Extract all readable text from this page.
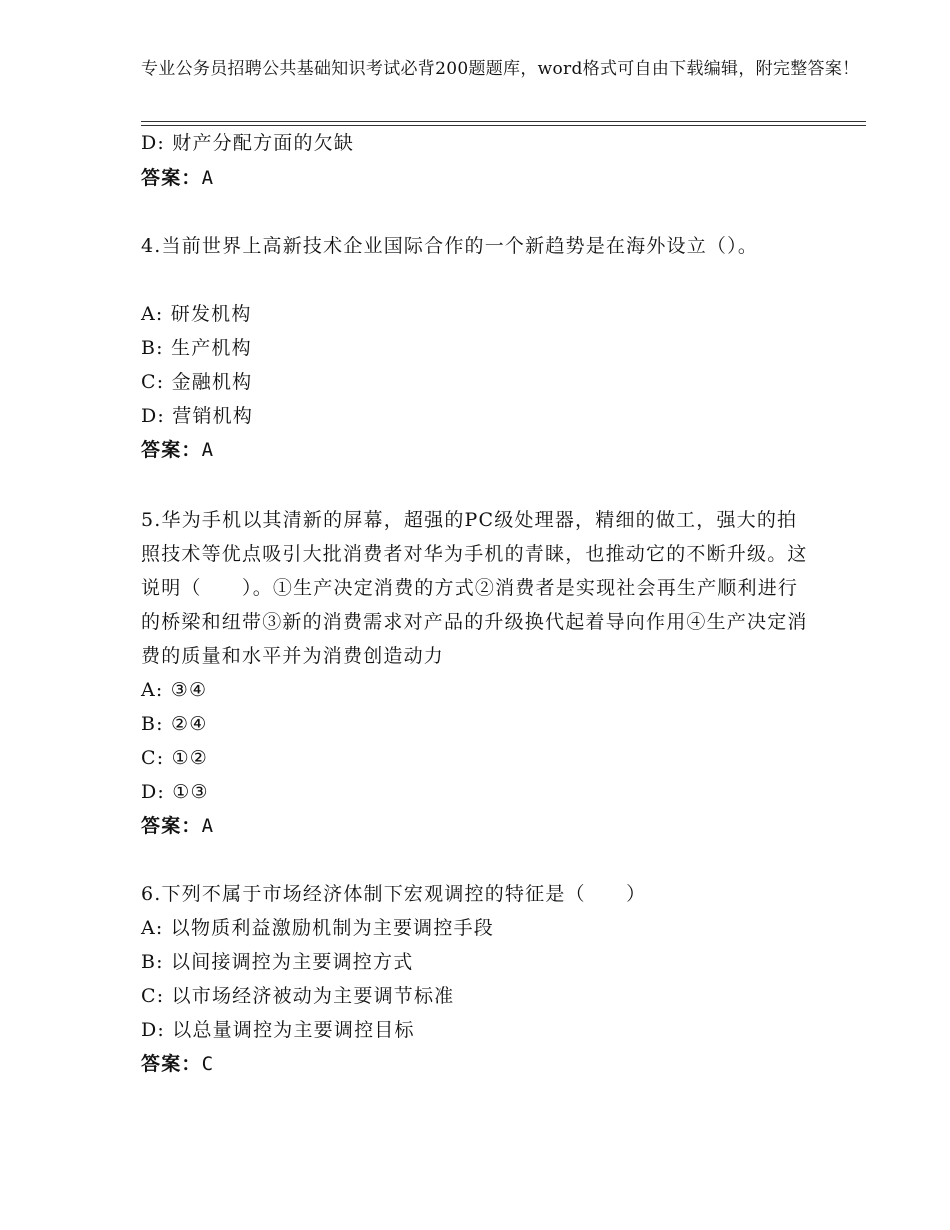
专业公务员招聘公共基础知识考试必背200题题库，word格式可自由下载编辑，附完整答案！
D: 财产分配方面的欠缺
答案：A
4.当前世界上高新技术企业国际合作的一个新趋势是在海外设立（）。
A: 研发机构
B: 生产机构
C: 金融机构
D: 营销机构
答案：A
5.华为手机以其清新的屏幕，超强的PC级处理器，精细的做工，强大的拍照技术等优点吸引大批消费者对华为手机的青睐，也推动它的不断升级。这说明（　　）。①生产决定消费的方式②消费者是实现社会再生产顺利进行的桥梁和纽带③新的消费需求对产品的升级换代起着导向作用④生产决定消费的质量和水平并为消费创造动力
A: ③④
B: ②④
C: ①②
D: ①③
答案：A
6.下列不属于市场经济体制下宏观调控的特征是（　　）
A: 以物质利益激励机制为主要调控手段
B: 以间接调控为主要调控方式
C: 以市场经济被动为主要调节标准
D: 以总量调控为主要调控目标
答案：C
